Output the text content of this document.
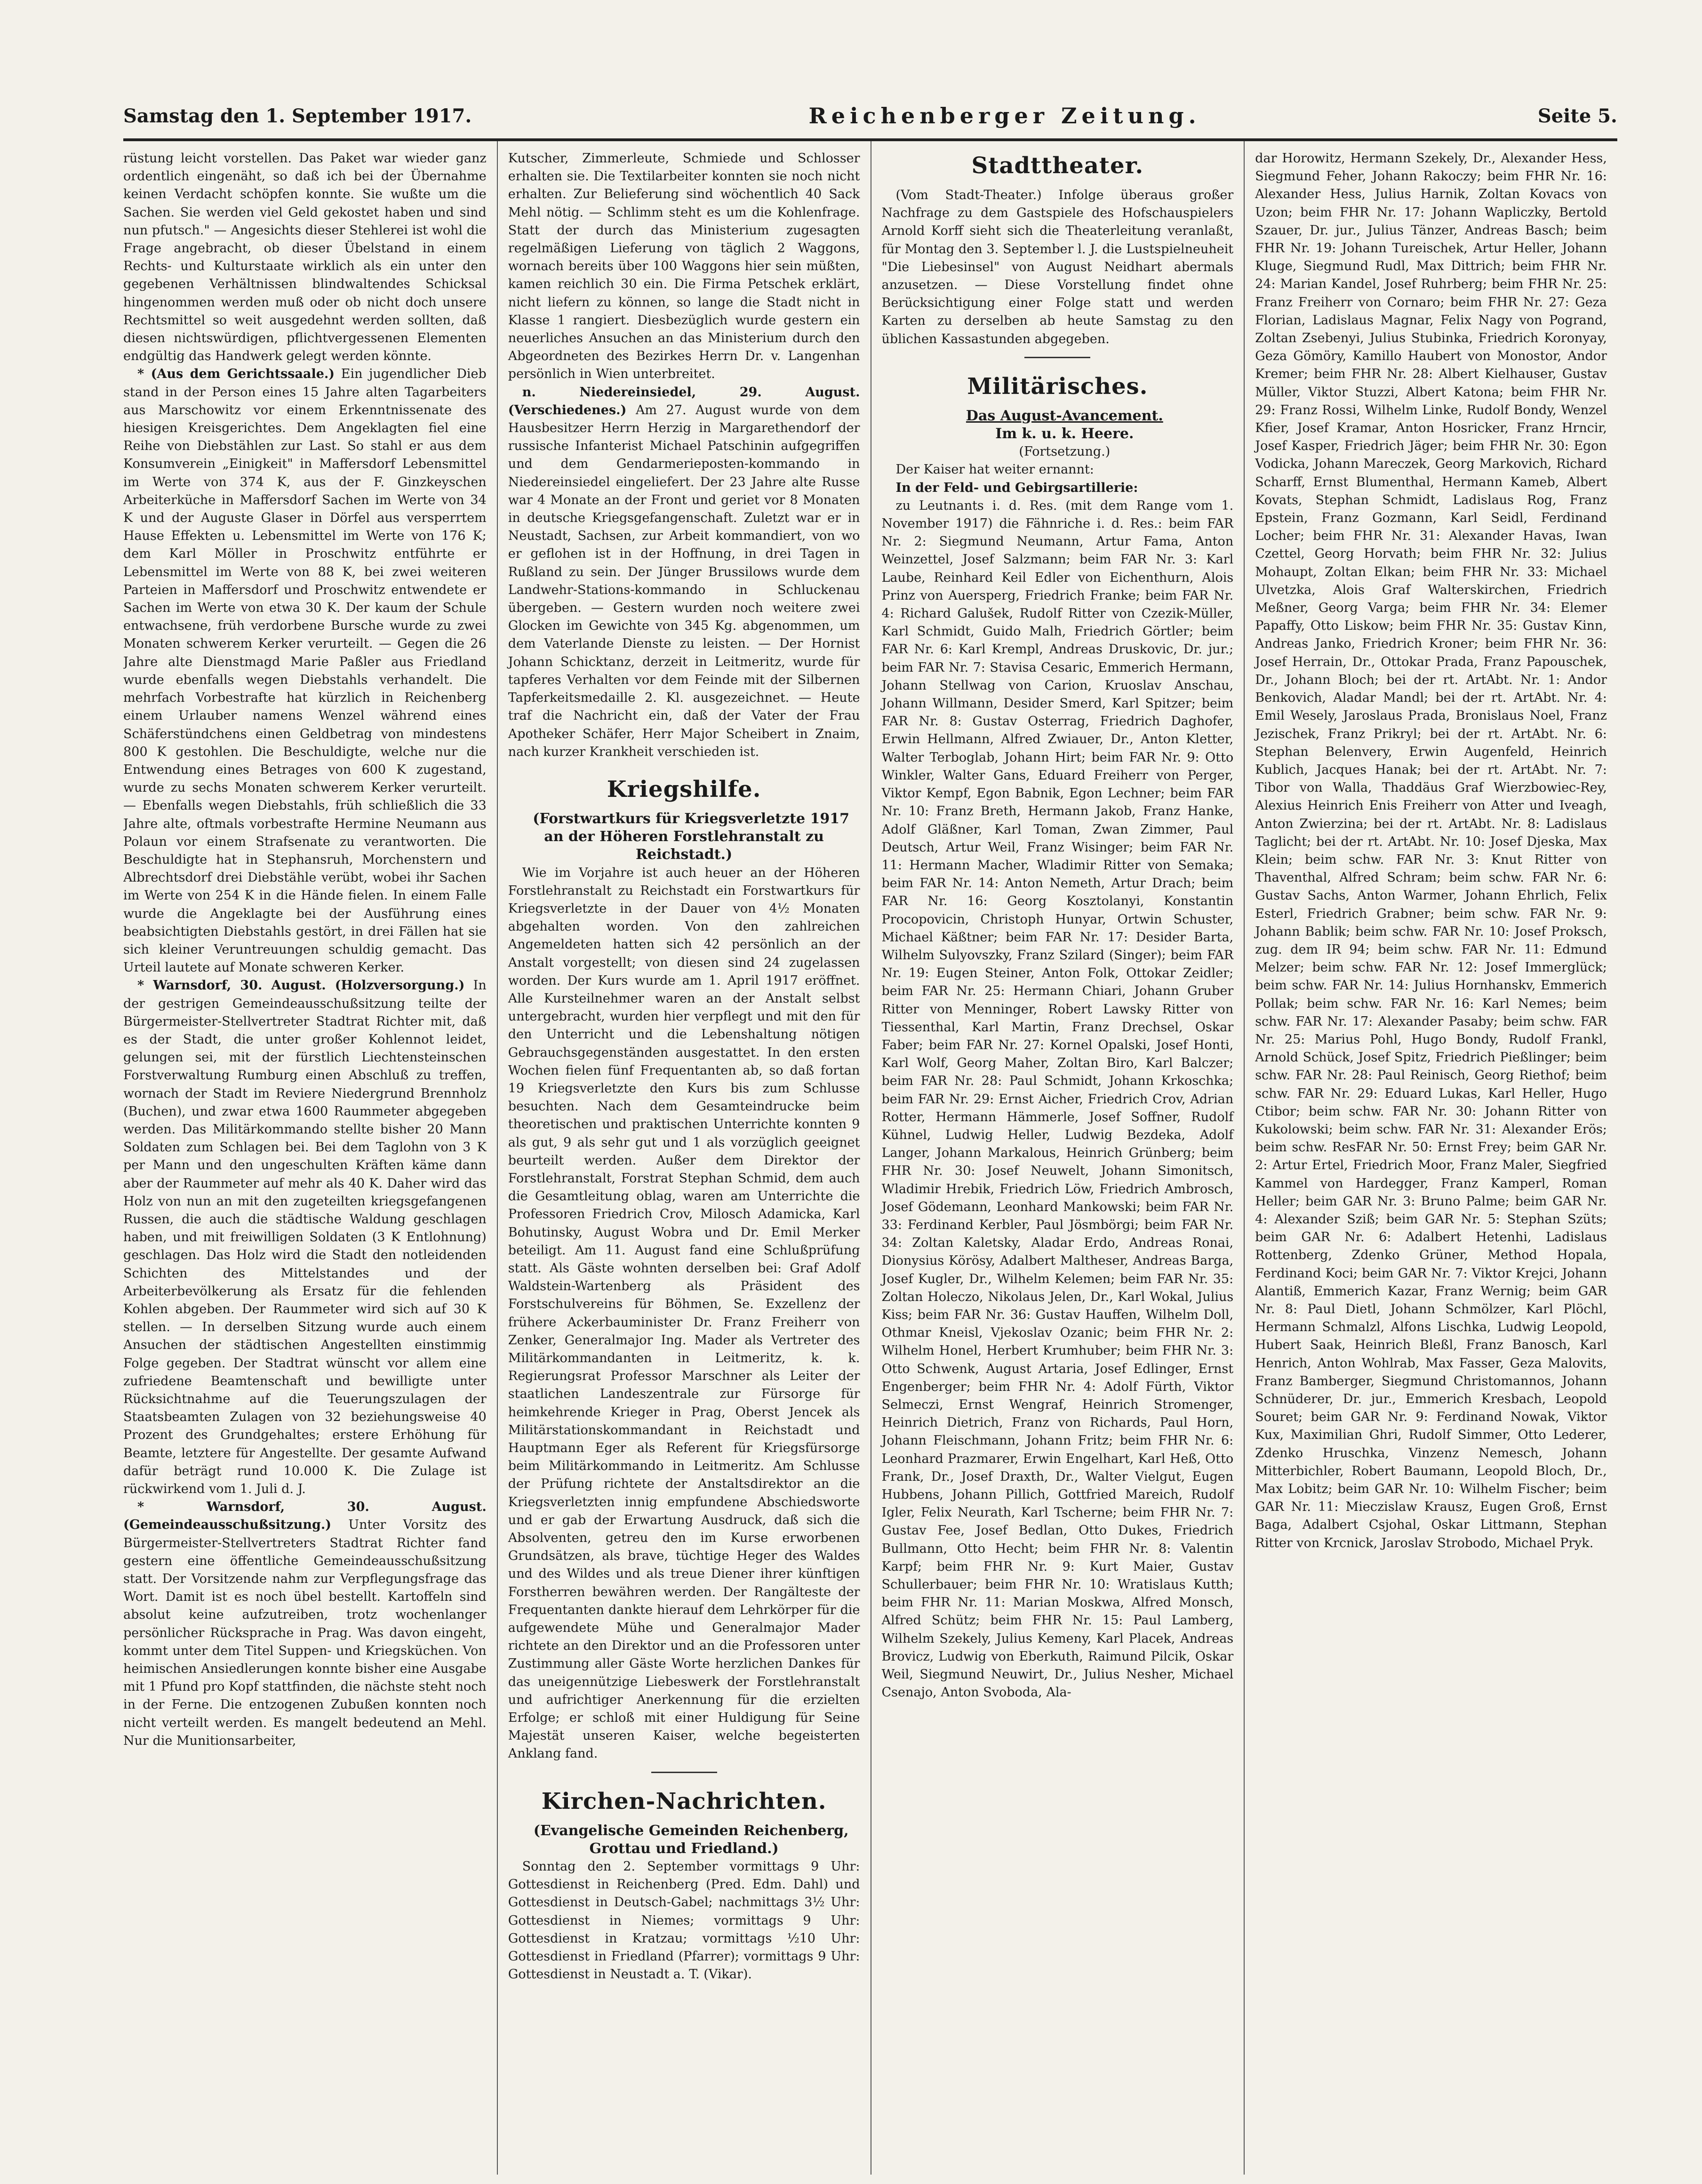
Samstag den 1. September 1917.	Reichenberger Zeitung.	Seite 5.

rüstung leicht vorstellen. Das Paket war wieder ganz ordentlich eingenäht, so daß ich bei der Übernahme keinen Verdacht schöpfen konnte. Sie wußte um die Sachen. Sie werden viel Geld gekostet haben und sind nun pfutsch." — Angesichts dieser Stehlerei ist wohl die Frage angebracht, ob dieser Übelstand in einem Rechts- und Kulturstaate wirklich als ein unter den gegebenen Verhältnissen blindwaltendes Schicksal hingenommen werden muß oder ob nicht doch unsere Rechtsmittel so weit ausgedehnt werden sollten, daß diesen nichtswürdigen, pflichtvergessenen Elementen endgültig das Handwerk gelegt werden könnte.

* (Aus dem Gerichtssaale.) Ein jugendlicher Dieb stand in der Person eines 15 Jahre alten Tagarbeiters aus Marschowitz vor einem Erkenntnissenate des hiesigen Kreisgerichtes. Dem Angeklagten fiel eine Reihe von Diebstählen zur Last. So stahl er aus dem Konsumverein „Einigkeit" in Maffersdorf Lebensmittel im Werte von 374 K, aus der F. Ginzkeyschen Arbeiterküche in Maffersdorf Sachen im Werte von 34 K und der Auguste Glaser in Dörfel aus versperrtem Hause Effekten u. Lebensmittel im Werte von 176 K; dem Karl Möller in Proschwitz entführte er Lebensmittel im Werte von 88 K, bei zwei weiteren Parteien in Maffersdorf und Proschwitz entwendete er Sachen im Werte von etwa 30 K. Der kaum der Schule entwachsene, früh verdorbene Bursche wurde zu zwei Monaten schwerem Kerker verurteilt. — Gegen die 26 Jahre alte Dienstmagd Marie Paßler aus Friedland wurde ebenfalls wegen Diebstahls verhandelt. Die mehrfach Vorbestrafte hat kürzlich in Reichenberg einem Urlauber namens Wenzel während eines Schäferstündchens einen Geldbetrag von mindestens 800 K gestohlen. Die Beschuldigte, welche nur die Entwendung eines Betrages von 600 K zugestand, wurde zu sechs Monaten schwerem Kerker verurteilt. — Ebenfalls wegen Diebstahls, früh schließlich die 33 Jahre alte, oftmals vorbestrafte Hermine Neumann aus Polaun vor einem Strafsenate zu verantworten. Die Beschuldigte hat in Stephansruh, Morchenstern und Albrechtsdorf drei Diebstähle verübt, wobei ihr Sachen im Werte von 254 K in die Hände fielen. In einem Falle wurde die Angeklagte bei der Ausführung eines beabsichtigten Diebstahls gestört, in drei Fällen hat sie sich kleiner Veruntreuungen schuldig gemacht. Das Urteil lautete auf Monate schweren Kerker.

* Warnsdorf, 30. August. (Holzversorgung.) In der gestrigen Gemeindeausschußsitzung teilte der Bürgermeister-Stellvertreter Stadtrat Richter mit, daß es der Stadt, die unter großer Kohlennot leidet, gelungen sei, mit der fürstlich Liechtensteinschen Forstverwaltung Rumburg einen Abschluß zu treffen, wornach der Stadt im Reviere Niedergrund Brennholz (Buchen), und zwar etwa 1600 Raummeter abgegeben werden. Das Militärkommando stellte bisher 20 Mann Soldaten zum Schlagen bei. Bei dem Taglohn von 3 K per Mann und den ungeschulten Kräften käme dann aber der Raummeter auf mehr als 40 K. Daher wird das Holz von nun an mit den zugeteilten kriegsgefangenen Russen, die auch die städtische Waldung geschlagen haben, und mit freiwilligen Soldaten (3 K Entlohnung) geschlagen. Das Holz wird die Stadt den notleidenden Schichten des Mittelstandes und der Arbeiterbevölkerung als Ersatz für die fehlenden Kohlen abgeben. Der Raummeter wird sich auf 30 K stellen. — In derselben Sitzung wurde auch einem Ansuchen der städtischen Angestellten einstimmig Folge gegeben. Der Stadtrat wünscht vor allem eine zufriedene Beamtenschaft und bewilligte unter Rücksichtnahme auf die Teuerungszulagen der Staatsbeamten Zulagen von 32 beziehungsweise 40 Prozent des Grundgehaltes; erstere Erhöhung für Beamte, letztere für Angestellte. Der gesamte Aufwand dafür beträgt rund 10.000 K. Die Zulage ist rückwirkend vom 1. Juli d. J.

* Warnsdorf, 30. August. (Gemeindeausschußsitzung.) Unter Vorsitz des Bürgermeister-Stellvertreters Stadtrat Richter fand gestern eine öffentliche Gemeindeausschußsitzung statt. Der Vorsitzende nahm zur Verpflegungsfrage das Wort. Damit ist es noch übel bestellt. Kartoffeln sind absolut keine aufzutreiben, trotz wochenlanger persönlicher Rücksprache in Prag. Was davon eingeht, kommt unter dem Titel Suppen- und Kriegsküchen. Von heimischen Ansiedlerungen konnte bisher eine Ausgabe mit 1 Pfund pro Kopf stattfinden, die nächste steht noch in der Ferne. Die entzogenen Zubußen konnten noch nicht verteilt werden. Es mangelt bedeutend an Mehl. Nur die Munitionsarbeiter,

Kutscher, Zimmerleute, Schmiede und Schlosser erhalten sie. Die Textilarbeiter konnten sie noch nicht erhalten. Zur Belieferung sind wöchentlich 40 Sack Mehl nötig. — Schlimm steht es um die Kohlenfrage. Statt der durch das Ministerium zugesagten regelmäßigen Lieferung von täglich 2 Waggons, wornach bereits über 100 Waggons hier sein müßten, kamen reichlich 30 ein. Die Firma Petschek erklärt, nicht liefern zu können, so lange die Stadt nicht in Klasse 1 rangiert. Diesbezüglich wurde gestern ein neuerliches Ansuchen an das Ministerium durch den Abgeordneten des Bezirkes Herrn Dr. v. Langenhan persönlich in Wien unterbreitet.

n. Niedereinsiedel, 29. August. (Verschiedenes.) Am 27. August wurde von dem Hausbesitzer Herrn Herzig in Margarethendorf der russische Infanterist Michael Patschinin aufgegriffen und dem Gendarmerieposten-kommando in Niedereinsiedel eingeliefert. Der 23 Jahre alte Russe war 4 Monate an der Front und geriet vor 8 Monaten in deutsche Kriegsgefangenschaft. Zuletzt war er in Neustadt, Sachsen, zur Arbeit kommandiert, von wo er geflohen ist in der Hoffnung, in drei Tagen in Rußland zu sein. Der Jünger Brussilows wurde dem Landwehr-Stations-kommando in Schluckenau übergeben. — Gestern wurden noch weitere zwei Glocken im Gewichte von 345 Kg. abgenommen, um dem Vaterlande Dienste zu leisten. — Der Hornist Johann Schicktanz, derzeit in Leitmeritz, wurde für tapferes Verhalten vor dem Feinde mit der Silbernen Tapferkeitsmedaille 2. Kl. ausgezeichnet. — Heute traf die Nachricht ein, daß der Vater der Frau Apotheker Schäfer, Herr Major Scheibert in Znaim, nach kurzer Krankheit verschieden ist.

Kriegshilfe.

(Forstwartkurs für Kriegsverletzte 1917 an der Höheren Forstlehranstalt zu Reichstadt.)

Wie im Vorjahre ist auch heuer an der Höheren Forstlehranstalt zu Reichstadt ein Forstwartkurs für Kriegsverletzte in der Dauer von 4½ Monaten abgehalten worden. Von den zahlreichen Angemeldeten hatten sich 42 persönlich an der Anstalt vorgestellt; von diesen sind 24 zugelassen worden. Der Kurs wurde am 1. April 1917 eröffnet. Alle Kursteilnehmer waren an der Anstalt selbst untergebracht, wurden hier verpflegt und mit den für den Unterricht und die Lebenshaltung nötigen Gebrauchsgegenständen ausgestattet. In den ersten Wochen fielen fünf Frequentanten ab, so daß fortan 19 Kriegsverletzte den Kurs bis zum Schlusse besuchten. Nach dem Gesamteindrucke beim theoretischen und praktischen Unterrichte konnten 9 als gut, 9 als sehr gut und 1 als vorzüglich geeignet beurteilt werden. Außer dem Direktor der Forstlehranstalt, Forstrat Stephan Schmid, dem auch die Gesamtleitung oblag, waren am Unterrichte die Professoren Friedrich Crov, Milosch Adamicka, Karl Bohutinsky, August Wobra und Dr. Emil Merker beteiligt. Am 11. August fand eine Schlußprüfung statt. Als Gäste wohnten derselben bei: Graf Adolf Waldstein-Wartenberg als Präsident des Forstschulvereins für Böhmen, Se. Exzellenz der frühere Ackerbauminister Dr. Franz Freiherr von Zenker, Generalmajor Ing. Mader als Vertreter des Militärkommandanten in Leitmeritz, k. k. Regierungsrat Professor Marschner als Leiter der staatlichen Landeszentrale zur Fürsorge für heimkehrende Krieger in Prag, Oberst Jencek als Militärstationskommandant in Reichstadt und Hauptmann Eger als Referent für Kriegsfürsorge beim Militärkommando in Leitmeritz. Am Schlusse der Prüfung richtete der Anstaltsdirektor an die Kriegsverletzten innig empfundene Abschiedsworte und er gab der Erwartung Ausdruck, daß sich die Absolventen, getreu den im Kurse erworbenen Grundsätzen, als brave, tüchtige Heger des Waldes und des Wildes und als treue Diener ihrer künftigen Forstherren bewähren werden. Der Rangälteste der Frequentanten dankte hierauf dem Lehrkörper für die aufgewendete Mühe und Generalmajor Mader richtete an den Direktor und an die Professoren unter Zustimmung aller Gäste Worte herzlichen Dankes für das uneigennützige Liebeswerk der Forstlehranstalt und aufrichtiger Anerkennung für die erzielten Erfolge; er schloß mit einer Huldigung für Seine Majestät unseren Kaiser, welche begeisterten Anklang fand.

Kirchen-Nachrichten.

(Evangelische Gemeinden Reichenberg, Grottau und Friedland.)

Sonntag den 2. September vormittags 9 Uhr: Gottesdienst in Reichenberg (Pred. Edm. Dahl) und Gottesdienst in Deutsch-Gabel; nachmittags 3½ Uhr: Gottesdienst in Niemes; vormittags 9 Uhr: Gottesdienst in Kratzau; vormittags ½10 Uhr: Gottesdienst in Friedland (Pfarrer); vormittags 9 Uhr: Gottesdienst in Neustadt a. T. (Vikar).

Stadttheater.

(Vom Stadt-Theater.) Infolge überaus großer Nachfrage zu dem Gastspiele des Hofschauspielers Arnold Korff sieht sich die Theaterleitung veranlaßt, für Montag den 3. September l. J. die Lustspielneuheit "Die Liebesinsel" von August Neidhart abermals anzusetzen. — Diese Vorstellung findet ohne Berücksichtigung einer Folge statt und werden Karten zu derselben ab heute Samstag zu den üblichen Kassastunden abgegeben.

Militärisches.

Das August-Avancement.

Im k. u. k. Heere.

(Fortsetzung.)

Der Kaiser hat weiter ernannt:

In der Feld- und Gebirgsartillerie:

zu Leutnants i. d. Res. (mit dem Range vom 1. November 1917) die Fähnriche i. d. Res.: beim FAR Nr. 2: Siegmund Neumann, Artur Fama, Anton Weinzettel, Josef Salzmann; beim FAR Nr. 3: Karl Laube, Reinhard Keil Edler von Eichenthurn, Alois Prinz von Auersperg, Friedrich Franke; beim FAR Nr. 4: Richard Galušek, Rudolf Ritter von Czezik-Müller, Karl Schmidt, Guido Malh, Friedrich Görtler; beim FAR Nr. 6: Karl Krempl, Andreas Druskovic, Dr. jur.; beim FAR Nr. 7: Stavisa Cesaric, Emmerich Hermann, Johann Stellwag von Carion, Kruoslav Anschau, Johann Willmann, Desider Smerd, Karl Spitzer; beim FAR Nr. 8: Gustav Osterrag, Friedrich Daghofer, Erwin Hellmann, Alfred Zwiauer, Dr., Anton Kletter, Walter Terboglab, Johann Hirt; beim FAR Nr. 9: Otto Winkler, Walter Gans, Eduard Freiherr von Perger, Viktor Kempf, Egon Babnik, Egon Lechner; beim FAR Nr. 10: Franz Breth, Hermann Jakob, Franz Hanke, Adolf Gläßner, Karl Toman, Zwan Zimmer, Paul Deutsch, Artur Weil, Franz Wisinger; beim FAR Nr. 11: Hermann Macher, Wladimir Ritter von Semaka; beim FAR Nr. 14: Anton Nemeth, Artur Drach; beim FAR Nr. 16: Georg Kosztolanyi, Konstantin Procopovicin, Christoph Hunyar, Ortwin Schuster, Michael Käßtner; beim FAR Nr. 17: Desider Barta, Wilhelm Sulyovszky, Franz Szilard (Singer); beim FAR Nr. 19: Eugen Steiner, Anton Folk, Ottokar Zeidler; beim FAR Nr. 25: Hermann Chiari, Johann Gruber Ritter von Menninger, Robert Lawsky Ritter von Tiessenthal, Karl Martin, Franz Drechsel, Oskar Faber; beim FAR Nr. 27: Kornel Opalski, Josef Honti, Karl Wolf, Georg Maher, Zoltan Biro, Karl Balczer; beim FAR Nr. 28: Paul Schmidt, Johann Krkoschka; beim FAR Nr. 29: Ernst Aicher, Friedrich Crov, Adrian Rotter, Hermann Hämmerle, Josef Soffner, Rudolf Kühnel, Ludwig Heller, Ludwig Bezdeka, Adolf Langer, Johann Markalous, Heinrich Grünberg; beim FHR Nr. 30: Josef Neuwelt, Johann Simonitsch, Wladimir Hrebik, Friedrich Löw, Friedrich Ambrosch, Josef Gödemann, Leonhard Mankowski; beim FAR Nr. 33: Ferdinand Kerbler, Paul Jösmbörgi; beim FAR Nr. 34: Zoltan Kaletsky, Aladar Erdo, Andreas Ronai, Dionysius Körösy, Adalbert Maltheser, Andreas Barga, Josef Kugler, Dr., Wilhelm Kelemen; beim FAR Nr. 35: Zoltan Holeczo, Nikolaus Jelen, Dr., Karl Wokal, Julius Kiss; beim FAR Nr. 36: Gustav Hauffen, Wilhelm Doll, Othmar Kneisl, Vjekoslav Ozanic; beim FHR Nr. 2: Wilhelm Honel, Herbert Krumhuber; beim FHR Nr. 3: Otto Schwenk, August Artaria, Josef Edlinger, Ernst Engenberger; beim FHR Nr. 4: Adolf Fürth, Viktor Selmeczi, Ernst Wengraf, Heinrich Stromenger, Heinrich Dietrich, Franz von Richards, Paul Horn, Johann Fleischmann, Johann Fritz; beim FHR Nr. 6: Leonhard Prazmarer, Erwin Engelhart, Karl Heß, Otto Frank, Dr., Josef Draxth, Dr., Walter Vielgut, Eugen Hubbens, Johann Pillich, Gottfried Mareich, Rudolf Igler, Felix Neurath, Karl Tscherne; beim FHR Nr. 7: Gustav Fee, Josef Bedlan, Otto Dukes, Friedrich Bullmann, Otto Hecht; beim FHR Nr. 8: Valentin Karpf; beim FHR Nr. 9: Kurt Maier, Gustav Schullerbauer; beim FHR Nr. 10: Wratislaus Kutth; beim FHR Nr. 11: Marian Moskwa, Alfred Monsch, Alfred Schütz; beim FHR Nr. 15: Paul Lamberg, Wilhelm Szekely, Julius Kemeny, Karl Placek, Andreas Brovicz, Ludwig von Eberkuth, Raimund Pilcik, Oskar Weil, Siegmund Neuwirt, Dr., Julius Nesher, Michael Csenajo, Anton Svoboda, Ala-

dar Horowitz, Hermann Szekely, Dr., Alexander Hess, Siegmund Feher, Johann Rakoczy; beim FHR Nr. 16: Alexander Hess, Julius Harnik, Zoltan Kovacs von Uzon; beim FHR Nr. 17: Johann Wapliczky, Bertold Szauer, Dr. jur., Julius Tänzer, Andreas Basch; beim FHR Nr. 19: Johann Tureischek, Artur Heller, Johann Kluge, Siegmund Rudl, Max Dittrich; beim FHR Nr. 24: Marian Kandel, Josef Ruhrberg; beim FHR Nr. 25: Franz Freiherr von Cornaro; beim FHR Nr. 27: Geza Florian, Ladislaus Magnar, Felix Nagy von Pogrand, Zoltan Zsebenyi, Julius Stubinka, Friedrich Koronyay, Geza Gömöry, Kamillo Haubert von Monostor, Andor Kremer; beim FHR Nr. 28: Albert Kielhauser, Gustav Müller, Viktor Stuzzi, Albert Katona; beim FHR Nr. 29: Franz Rossi, Wilhelm Linke, Rudolf Bondy, Wenzel Kfier, Josef Kramar, Anton Hosricker, Franz Hrncir, Josef Kasper, Friedrich Jäger; beim FHR Nr. 30: Egon Vodicka, Johann Mareczek, Georg Markovich, Richard Scharff, Ernst Blumenthal, Hermann Kameb, Albert Kovats, Stephan Schmidt, Ladislaus Rog, Franz Epstein, Franz Gozmann, Karl Seidl, Ferdinand Locher; beim FHR Nr. 31: Alexander Havas, Iwan Czettel, Georg Horvath; beim FHR Nr. 32: Julius Mohaupt, Zoltan Elkan; beim FHR Nr. 33: Michael Ulvetzka, Alois Graf Walterskirchen, Friedrich Meßner, Georg Varga; beim FHR Nr. 34: Elemer Papaffy, Otto Liskow; beim FHR Nr. 35: Gustav Kinn, Andreas Janko, Friedrich Kroner; beim FHR Nr. 36: Josef Herrain, Dr., Ottokar Prada, Franz Papouschek, Dr., Johann Bloch; bei der rt. ArtAbt. Nr. 1: Andor Benkovich, Aladar Mandl; bei der rt. ArtAbt. Nr. 4: Emil Wesely, Jaroslaus Prada, Bronislaus Noel, Franz Jezischek, Franz Prikryl; bei der rt. ArtAbt. Nr. 6: Stephan Belenvery, Erwin Augenfeld, Heinrich Kublich, Jacques Hanak; bei der rt. ArtAbt. Nr. 7: Tibor von Walla, Thaddäus Graf Wierzbowiec-Rey, Alexius Heinrich Enis Freiherr von Atter und Iveagh, Anton Zwierzina; bei der rt. ArtAbt. Nr. 8: Ladislaus Taglicht; bei der rt. ArtAbt. Nr. 10: Josef Djeska, Max Klein; beim schw. FAR Nr. 3: Knut Ritter von Thaventhal, Alfred Schram; beim schw. FAR Nr. 6: Gustav Sachs, Anton Warmer, Johann Ehrlich, Felix Esterl, Friedrich Grabner; beim schw. FAR Nr. 9: Johann Bablik; beim schw. FAR Nr. 10: Josef Proksch, zug. dem IR 94; beim schw. FAR Nr. 11: Edmund Melzer; beim schw. FAR Nr. 12: Josef Immerglück; beim schw. FAR Nr. 14: Julius Hornhanskv, Emmerich Pollak; beim schw. FAR Nr. 16: Karl Nemes; beim schw. FAR Nr. 17: Alexander Pasaby; beim schw. FAR Nr. 25: Marius Pohl, Hugo Bondy, Rudolf Frankl, Arnold Schück, Josef Spitz, Friedrich Pießlinger; beim schw. FAR Nr. 28: Paul Reinisch, Georg Riethof; beim schw. FAR Nr. 29: Eduard Lukas, Karl Heller, Hugo Ctibor; beim schw. FAR Nr. 30: Johann Ritter von Kukolowski; beim schw. FAR Nr. 31: Alexander Erös; beim schw. ResFAR Nr. 50: Ernst Frey; beim GAR Nr. 2: Artur Ertel, Friedrich Moor, Franz Maler, Siegfried Kammel von Hardegger, Franz Kamperl, Roman Heller; beim GAR Nr. 3: Bruno Palme; beim GAR Nr. 4: Alexander Sziß; beim GAR Nr. 5: Stephan Szüts; beim GAR Nr. 6: Adalbert Hetenhi, Ladislaus Rottenberg, Zdenko Grüner, Method Hopala, Ferdinand Koci; beim GAR Nr. 7: Viktor Krejci, Johann Alantiß, Emmerich Kazar, Franz Wernig; beim GAR Nr. 8: Paul Dietl, Johann Schmölzer, Karl Plöchl, Hermann Schmalzl, Alfons Lischka, Ludwig Leopold, Hubert Saak, Heinrich Bleßl, Franz Banosch, Karl Henrich, Anton Wohlrab, Max Fasser, Geza Malovits, Franz Bamberger, Siegmund Christomannos, Johann Schnüderer, Dr. jur., Emmerich Kresbach, Leopold Souret; beim GAR Nr. 9: Ferdinand Nowak, Viktor Kux, Maximilian Ghri, Rudolf Simmer, Otto Lederer, Zdenko Hruschka, Vinzenz Nemesch, Johann Mitterbichler, Robert Baumann, Leopold Bloch, Dr., Max Lobitz; beim GAR Nr. 10: Wilhelm Fischer; beim GAR Nr. 11: Mieczislaw Krausz, Eugen Groß, Ernst Baga, Adalbert Csjohal, Oskar Littmann, Stephan Ritter von Krcnick, Jaroslav Strobodo, Michael Pryk.
